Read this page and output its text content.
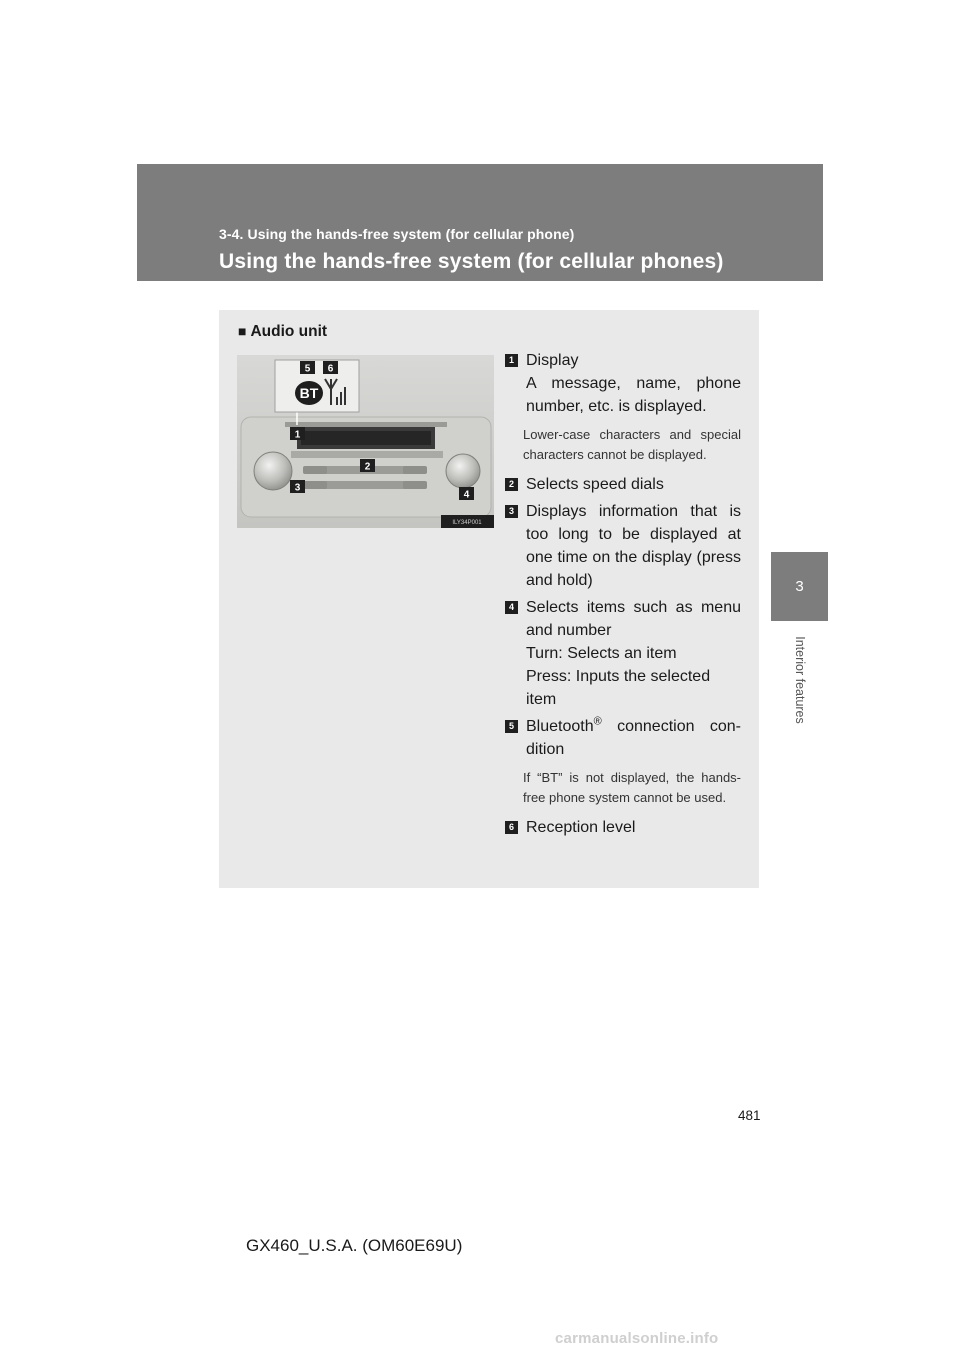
3-4. Using the hands-free system (for cellular phone)
Using the hands-free system (for cellular phones)
3
Interior features
■ Audio unit
5 6
BT
1
2
3
4
ILY34P001
1 Display
A message, name, phone number, etc. is displayed.
Lower-case characters and special characters cannot be displayed.
2 Selects speed dials
3 Displays information that is too long to be displayed at one time on the display (press and hold)
4 Selects items such as menu and number
Turn: Selects an item
Press: Inputs the selected item
5 Bluetooth® connection con-dition
If “BT” is not displayed, the hands-free phone system cannot be used.
6 Reception level
481
GX460_U.S.A. (OM60E69U)
carmanualsonline.info
